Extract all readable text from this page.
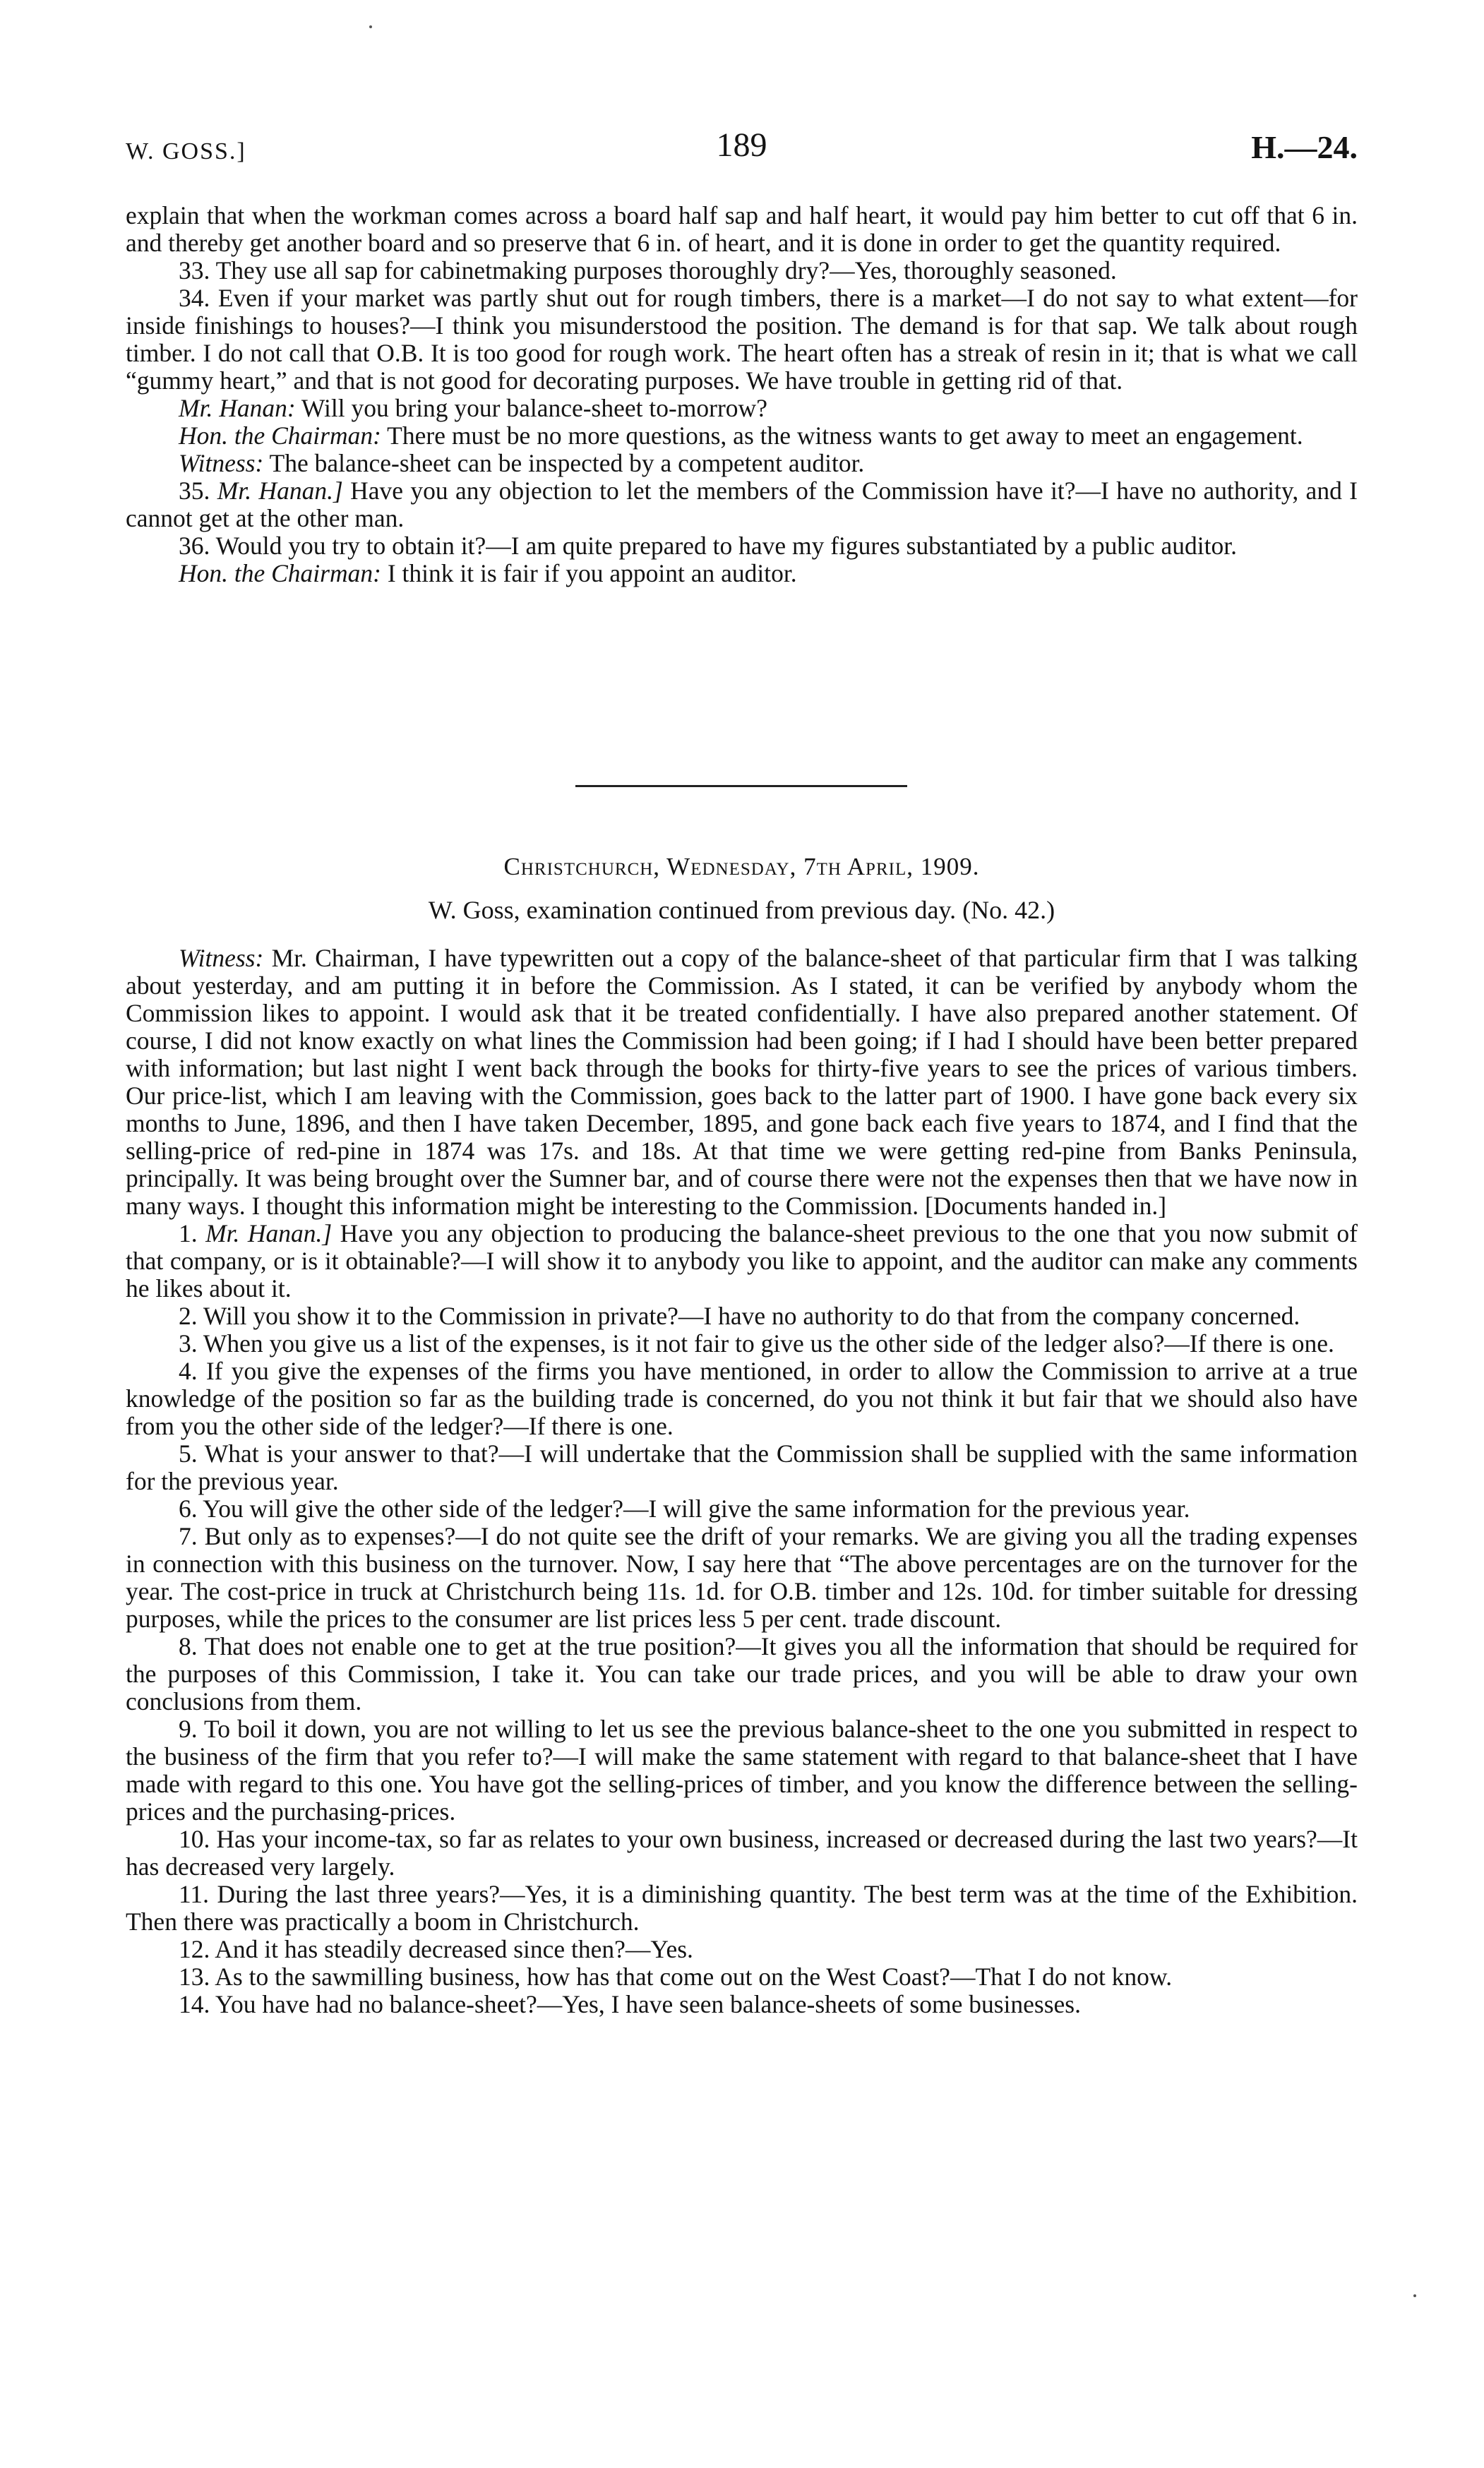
W. GOSS.]	189	H.—24.

explain that when the workman comes across a board half sap and half heart, it would pay him better to cut off that 6 in. and thereby get another board and so preserve that 6 in. of heart, and it is done in order to get the quantity required.

33. They use all sap for cabinetmaking purposes thoroughly dry?—Yes, thoroughly seasoned.

34. Even if your market was partly shut out for rough timbers, there is a market—I do not say to what extent—for inside finishings to houses?—I think you misunderstood the position. The demand is for that sap. We talk about rough timber. I do not call that O.B. It is too good for rough work. The heart often has a streak of resin in it; that is what we call “gummy heart,” and that is not good for decorating purposes. We have trouble in getting rid of that.

Mr. Hanan: Will you bring your balance-sheet to-morrow?

Hon. the Chairman: There must be no more questions, as the witness wants to get away to meet an engagement.

Witness: The balance-sheet can be inspected by a competent auditor.

35. Mr. Hanan.] Have you any objection to let the members of the Commission have it?—I have no authority, and I cannot get at the other man.

36. Would you try to obtain it?—I am quite prepared to have my figures substantiated by a public auditor.

Hon. the Chairman: I think it is fair if you appoint an auditor.

Christchurch, Wednesday, 7th April, 1909.
W. Goss, examination continued from previous day. (No. 42.)

Witness: Mr. Chairman, I have typewritten out a copy of the balance-sheet of that particular firm that I was talking about yesterday, and am putting it in before the Commission. As I stated, it can be verified by anybody whom the Commission likes to appoint. I would ask that it be treated confidentially. I have also prepared another statement. Of course, I did not know exactly on what lines the Commission had been going; if I had I should have been better prepared with information; but last night I went back through the books for thirty-five years to see the prices of various timbers. Our price-list, which I am leaving with the Commission, goes back to the latter part of 1900. I have gone back every six months to June, 1896, and then I have taken December, 1895, and gone back each five years to 1874, and I find that the selling-price of red-pine in 1874 was 17s. and 18s. At that time we were getting red-pine from Banks Peninsula, principally. It was being brought over the Sumner bar, and of course there were not the expenses then that we have now in many ways. I thought this information might be interesting to the Commission. [Documents handed in.]

1. Mr. Hanan.] Have you any objection to producing the balance-sheet previous to the one that you now submit of that company, or is it obtainable?—I will show it to anybody you like to appoint, and the auditor can make any comments he likes about it.

2. Will you show it to the Commission in private?—I have no authority to do that from the company concerned.

3. When you give us a list of the expenses, is it not fair to give us the other side of the ledger also?—If there is one.

4. If you give the expenses of the firms you have mentioned, in order to allow the Commission to arrive at a true knowledge of the position so far as the building trade is concerned, do you not think it but fair that we should also have from you the other side of the ledger?—If there is one.

5. What is your answer to that?—I will undertake that the Commission shall be supplied with the same information for the previous year.

6. You will give the other side of the ledger?—I will give the same information for the previous year.

7. But only as to expenses?—I do not quite see the drift of your remarks. We are giving you all the trading expenses in connection with this business on the turnover. Now, I say here that “The above percentages are on the turnover for the year. The cost-price in truck at Christchurch being 11s. 1d. for O.B. timber and 12s. 10d. for timber suitable for dressing purposes, while the prices to the consumer are list prices less 5 per cent. trade discount.

8. That does not enable one to get at the true position?—It gives you all the information that should be required for the purposes of this Commission, I take it. You can take our trade prices, and you will be able to draw your own conclusions from them.

9. To boil it down, you are not willing to let us see the previous balance-sheet to the one you submitted in respect to the business of the firm that you refer to?—I will make the same statement with regard to that balance-sheet that I have made with regard to this one. You have got the selling-prices of timber, and you know the difference between the selling-prices and the purchasing-prices.

10. Has your income-tax, so far as relates to your own business, increased or decreased during the last two years?—It has decreased very largely.

11. During the last three years?—Yes, it is a diminishing quantity. The best term was at the time of the Exhibition. Then there was practically a boom in Christchurch.

12. And it has steadily decreased since then?—Yes.

13. As to the sawmilling business, how has that come out on the West Coast?—That I do not know.

14. You have had no balance-sheet?—Yes, I have seen balance-sheets of some businesses.
